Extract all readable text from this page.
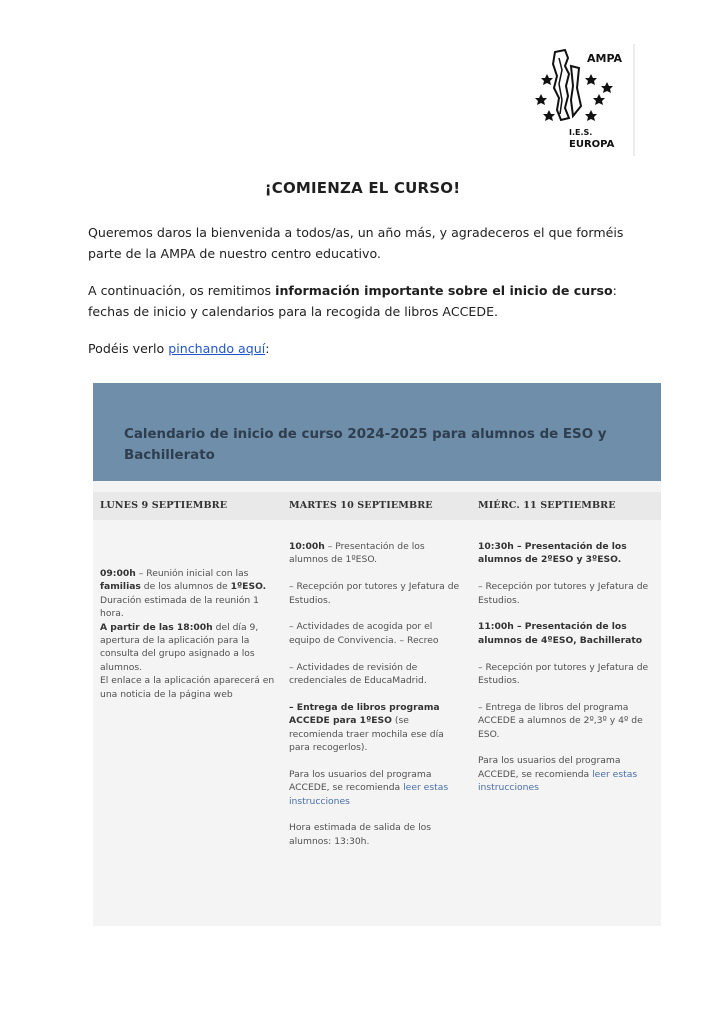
AMPA
I.E.S.
EUROPA
¡COMIENZA EL CURSO!
Queremos daros la bienvenida a todos/as, un año más, y agradeceros el que forméis parte de la AMPA de nuestro centro educativo.
A continuación, os remitimos información importante sobre el inicio de curso: fechas de inicio y calendarios para la recogida de libros ACCEDE.
Podéis verlo pinchando aquí:
Calendario de inicio de curso 2024-2025 para alumnos de ESO y Bachillerato
LUNES 9 SEPTIEMBRE	MARTES 10 SEPTIEMBRE	MIÉRC. 11 SEPTIEMBRE
09:00h – Reunión inicial con las familias de los alumnos de 1ºESO. Duración estimada de la reunión 1 hora.
A partir de las 18:00h del día 9, apertura de la aplicación para la consulta del grupo asignado a los alumnos.
El enlace a la aplicación aparecerá en una noticia de la página web

10:00h – Presentación de los alumnos de 1ºESO.

– Recepción por tutores y Jefatura de Estudios.

– Actividades de acogida por el equipo de Convivencia. – Recreo

– Actividades de revisión de credenciales de EducaMadrid.

– Entrega de libros programa ACCEDE para 1ºESO (se recomienda traer mochila ese día para recogerlos).

Para los usuarios del programa ACCEDE, se recomienda leer estas instrucciones

Hora estimada de salida de los alumnos: 13:30h.

10:30h – Presentación de los alumnos de 2ºESO y 3ºESO.

– Recepción por tutores y Jefatura de Estudios.

11:00h – Presentación de los alumnos de 4ºESO, Bachillerato

– Recepción por tutores y Jefatura de Estudios.

– Entrega de libros del programa ACCEDE a alumnos de 2º,3º y 4º de ESO.

Para los usuarios del programa ACCEDE, se recomienda leer estas instrucciones
